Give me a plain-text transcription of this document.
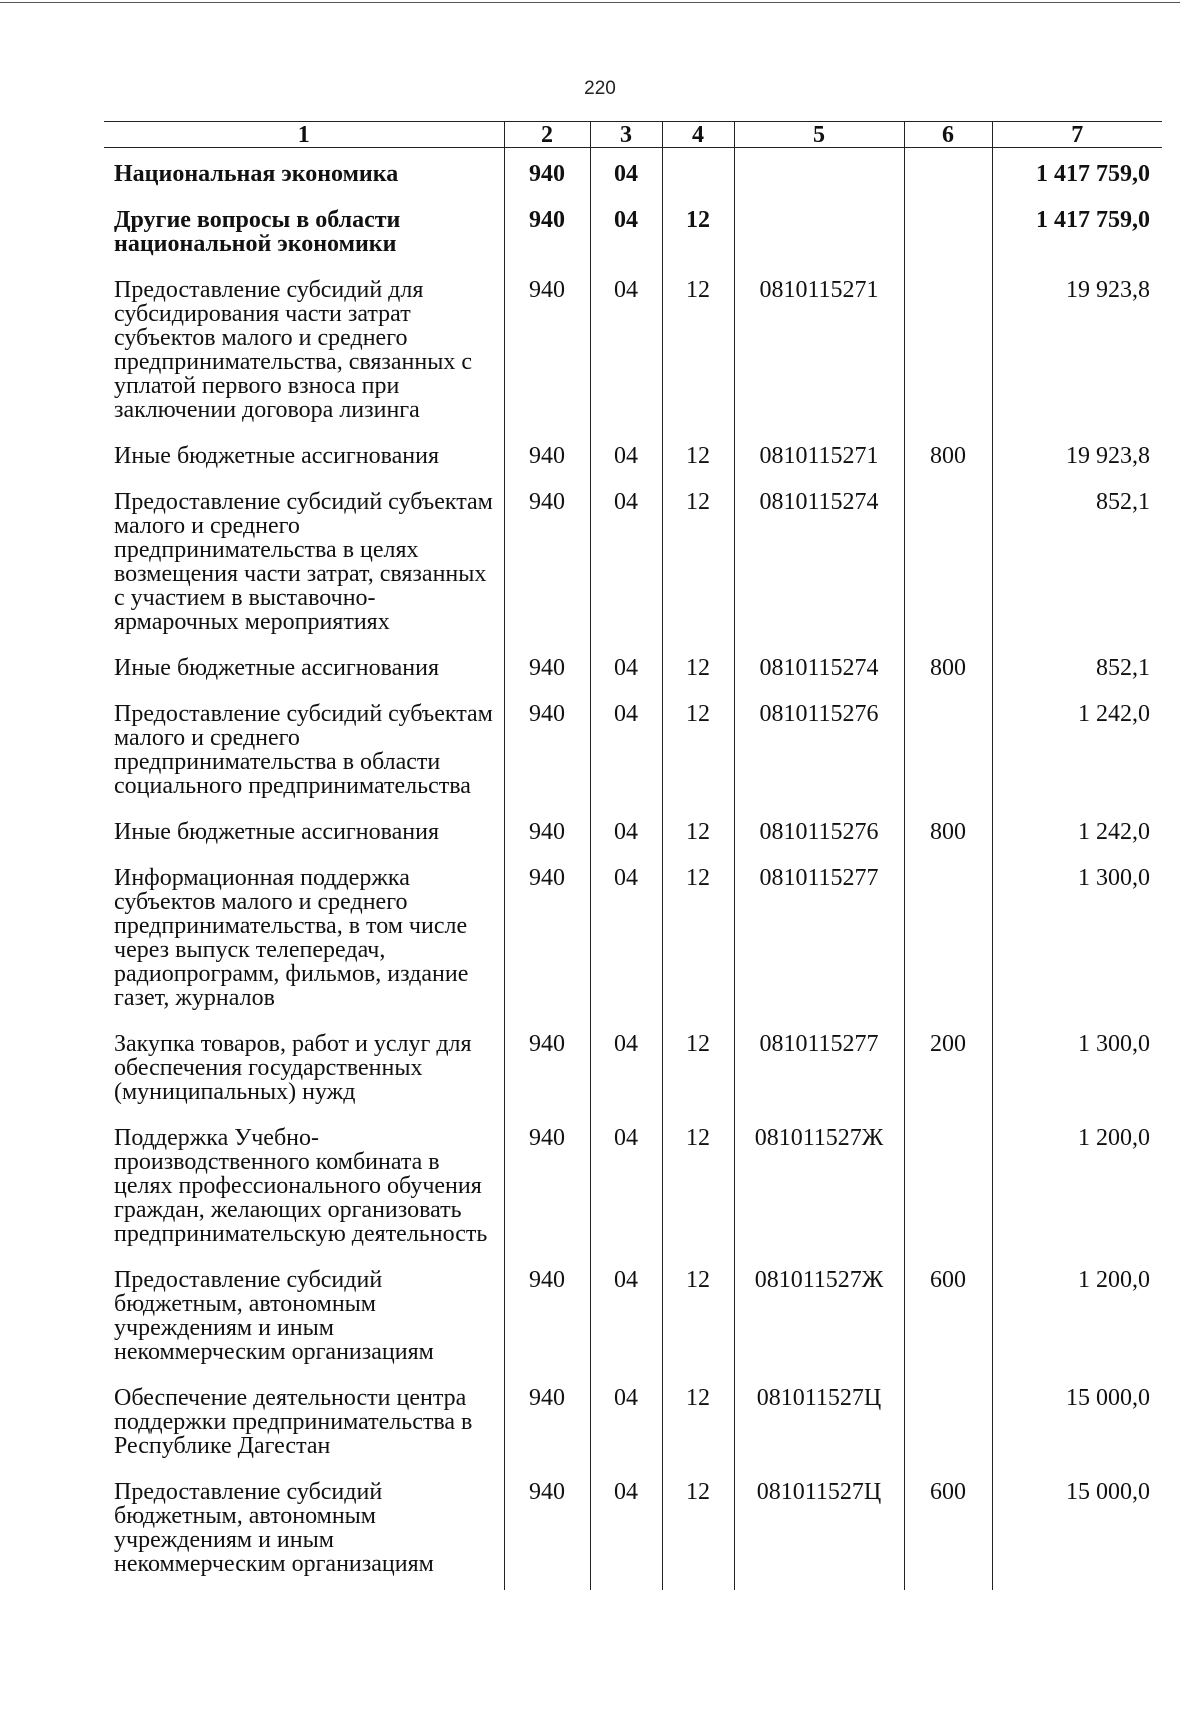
220
1	2	3	4	5	6	7
Национальная экономика	940	04				1 417 759,0
Другие вопросы в области национальной экономики	940	04	12			1 417 759,0
Предоставление субсидий для субсидирования части затрат субъектов малого и среднего предпринимательства, связанных с уплатой первого взноса при заключении договора лизинга	940	04	12	0810115271		19 923,8
Иные бюджетные ассигнования	940	04	12	0810115271	800	19 923,8
Предоставление субсидий субъектам малого и среднего предпринимательства в целях возмещения части затрат, связанных с участием в выставочно-ярмарочных мероприятиях	940	04	12	0810115274		852,1
Иные бюджетные ассигнования	940	04	12	0810115274	800	852,1
Предоставление субсидий субъектам малого и среднего предпринимательства в области социального предпринимательства	940	04	12	0810115276		1 242,0
Иные бюджетные ассигнования	940	04	12	0810115276	800	1 242,0
Информационная поддержка субъектов малого и среднего предпринимательства, в том числе через выпуск телепередач, радиопрограмм, фильмов, издание газет, журналов	940	04	12	0810115277		1 300,0
Закупка товаров, работ и услуг для обеспечения государственных (муниципальных) нужд	940	04	12	0810115277	200	1 300,0
Поддержка Учебно-производственного комбината в целях профессионального обучения граждан, желающих организовать предпринимательскую деятельность	940	04	12	081011527Ж		1 200,0
Предоставление субсидий бюджетным, автономным учреждениям и иным некоммерческим организациям	940	04	12	081011527Ж	600	1 200,0
Обеспечение деятельности центра поддержки предпринимательства в Республике Дагестан	940	04	12	081011527Ц		15 000,0
Предоставление субсидий бюджетным, автономным учреждениям и иным некоммерческим организациям	940	04	12	081011527Ц	600	15 000,0
